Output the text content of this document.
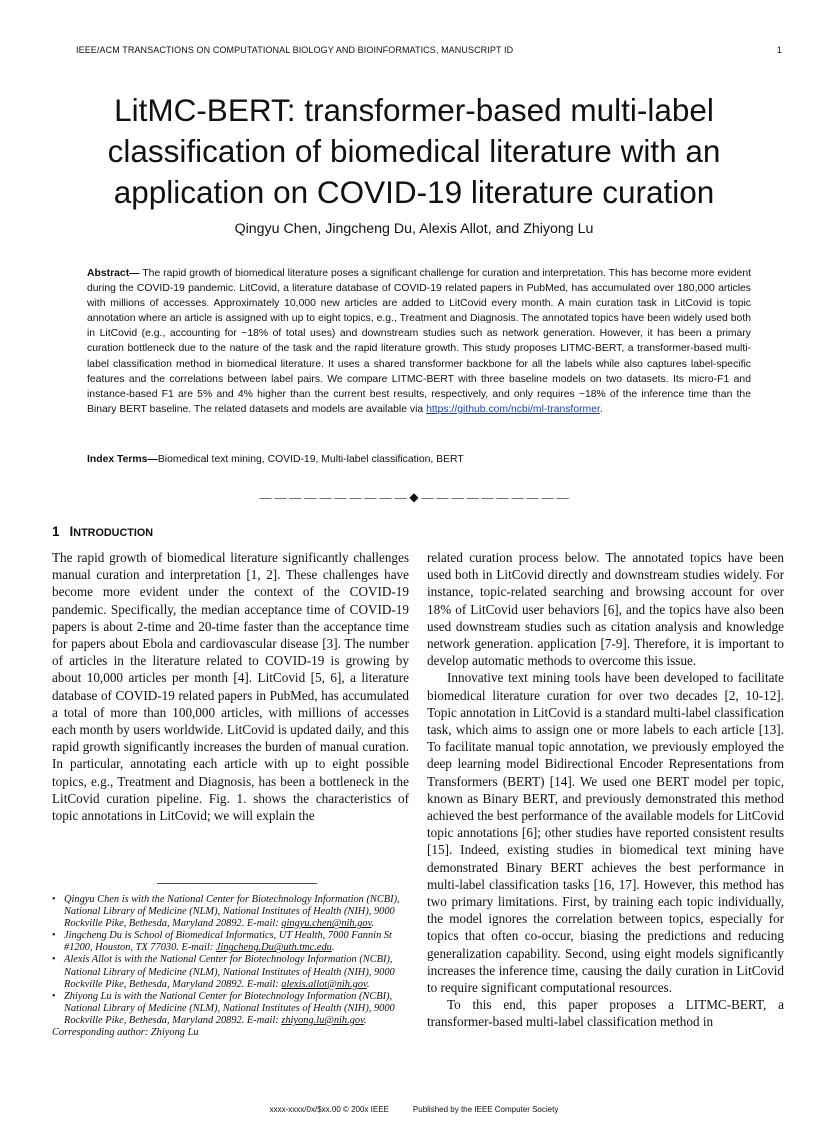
IEEE/ACM TRANSACTIONS ON COMPUTATIONAL BIOLOGY AND BIOINFORMATICS, MANUSCRIPT ID	1
LitMC-BERT: transformer-based multi-label classification of biomedical literature with an application on COVID-19 literature curation
Qingyu Chen, Jingcheng Du, Alexis Allot, and Zhiyong Lu

Abstract— The rapid growth of biomedical literature poses a significant challenge for curation and interpretation. This has become more evident during the COVID-19 pandemic. LitCovid, a literature database of COVID-19 related papers in PubMed, has accumulated over 180,000 articles with millions of accesses. Approximately 10,000 new articles are added to LitCovid every month. A main curation task in LitCovid is topic annotation where an article is assigned with up to eight topics, e.g., Treatment and Diagnosis. The annotated topics have been widely used both in LitCovid (e.g., accounting for ~18% of total uses) and downstream studies such as network generation. However, it has been a primary curation bottleneck due to the nature of the task and the rapid literature growth. This study proposes LITMC-BERT, a transformer-based multi-label classification method in biomedical literature. It uses a shared transformer backbone for all the labels while also captures label-specific features and the correlations between label pairs. We compare LITMC-BERT with three baseline models on two datasets. Its micro-F1 and instance-based F1 are 5% and 4% higher than the current best results, respectively, and only requires ~18% of the inference time than the Binary BERT baseline. The related datasets and models are available via https://github.com/ncbi/ml-transformer.

Index Terms—Biomedical text mining, COVID-19, Multi-label classification, BERT
— — — — — — — — — — ◆ — — — — — — — — — —
1 INTRODUCTION

The rapid growth of biomedical literature significantly challenges manual curation and interpretation [1, 2]. These challenges have become more evident under the context of the COVID-19 pandemic. Specifically, the median acceptance time of COVID-19 papers is about 2-time and 20-time faster than the acceptance time for papers about Ebola and cardiovascular disease [3]. The number of articles in the literature related to COVID-19 is growing by about 10,000 articles per month [4]. LitCovid [5, 6], a literature database of COVID-19 related papers in PubMed, has accumulated a total of more than 100,000 articles, with millions of accesses each month by users worldwide. LitCovid is updated daily, and this rapid growth significantly increases the burden of manual curation. In particular, annotating each article with up to eight possible topics, e.g., Treatment and Diagnosis, has been a bottleneck in the LitCovid curation pipeline. Fig. 1. shows the characteristics of topic annotations in LitCovid; we will explain the

related curation process below. The annotated topics have been used both in LitCovid directly and downstream studies widely. For instance, topic-related searching and browsing account for over 18% of LitCovid user behaviors [6], and the topics have also been used downstream studies such as citation analysis and knowledge network generation. application [7-9]. Therefore, it is important to develop automatic methods to overcome this issue.

Innovative text mining tools have been developed to facilitate biomedical literature curation for over two decades [2, 10-12]. Topic annotation in LitCovid is a standard multi-label classification task, which aims to assign one or more labels to each article [13]. To facilitate manual topic annotation, we previously employed the deep learning model Bidirectional Encoder Representations from Transformers (BERT) [14]. We used one BERT model per topic, known as Binary BERT, and previously demonstrated this method achieved the best performance of the available models for LitCovid topic annotations [6]; other studies have reported consistent results [15]. Indeed, existing studies in biomedical text mining have demonstrated Binary BERT achieves the best performance in multi-label classification tasks [16, 17]. However, this method has two primary limitations. First, by training each topic individually, the model ignores the correlation between topics, especially for topics that often co-occur, biasing the predictions and reducing generalization capability. Second, using eight models significantly increases the inference time, causing the daily curation in LitCovid to require significant computational resources.

To this end, this paper proposes a LITMC-BERT, a transformer-based multi-label classification method in

• Qingyu Chen is with the National Center for Biotechnology Information (NCBI), National Library of Medicine (NLM), National Institutes of Health (NIH), 9000 Rockville Pike, Bethesda, Maryland 20892. E-mail: qingyu.chen@nih.gov.
• Jingcheng Du is School of Biomedical Informatics, UT Health, 7000 Fannin St #1200, Houston, TX 77030. E-mail: Jingcheng.Du@uth.tmc.edu.
• Alexis Allot is with the National Center for Biotechnology Information (NCBI), National Library of Medicine (NLM), National Institutes of Health (NIH), 9000 Rockville Pike, Bethesda, Maryland 20892. E-mail: alexis.allot@nih.gov.
• Zhiyong Lu is with the National Center for Biotechnology Information (NCBI), National Library of Medicine (NLM), National Institutes of Health (NIH), 9000 Rockville Pike, Bethesda, Maryland 20892. E-mail: zhiyong.lu@nih.gov.
Corresponding author: Zhiyong Lu
xxxx-xxxx/0x/$xx.00 © 200x IEEE	Published by the IEEE Computer Society
